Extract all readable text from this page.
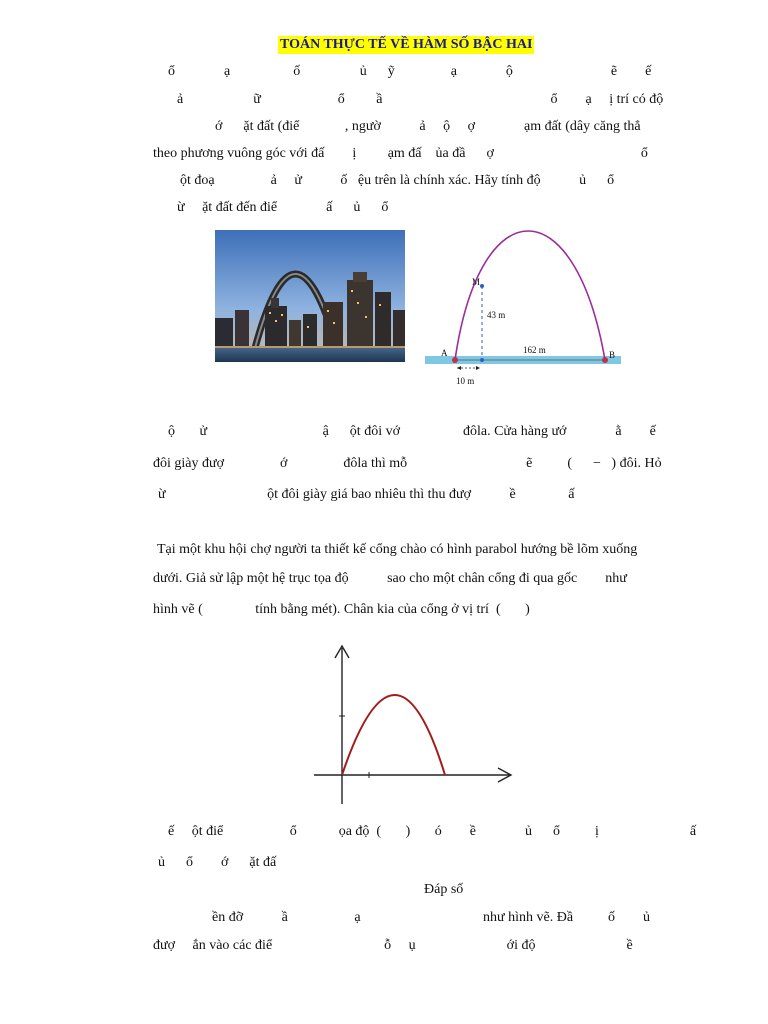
TOÁN THỰC TẾ VỀ HÀM SỐ BẬC HAI
ổ              ạ                  ố                 ủ      ỹ                ạ              ộ                            ẽ        ế
ả                    ữ                      ổ         ầ                                                ổ        ạ     ị trí có độ
ớ      ặt đất (điể             , ngườ           ả     ộ     ợ              ạm đất (dây căng thẳ
theo phương vuông góc với đấ        ị         ạm đấ    ủa đầ      ợ                                          ổ
ột đoạ                ả     ử           ố   ệu trên là chính xác. Hãy tính độ           ủ      ổ
ừ     ặt đất đến điể              ấ      ủ      ổ
M
A	B
43 m
162 m
10 m
ộ       ử                                 ậ      ột đôi vớ                  đôla. Cửa hàng ướ              ằ        ế
đôi giày đượ                ớ                đôla thì mỗ                                  ẽ          (      −   ) đôi. Hỏ
ừ                             ột đôi giày giá bao nhiêu thì thu đượ           ề               ấ
Tại một khu hội chợ người ta thiết kế cổng chào có hình parabol hướng bề lõm xuống
dưới. Giả sử lập một hệ trục tọa độ           sao cho một chân cổng đi qua gốc        như
hình vẽ (               tính bằng mét). Chân kia của cổng ở vị trí  (       )
ế     ột điể                   ổ            ọa độ  (       )       ó        ề              ủ      ổ          ị                          ấ
ủ      ổ        ớ      ặt đấ
Đáp số
ền đỡ           ầ                   ạ                                   như hình vẽ. Đầ          ố        ủ
đượ     ắn vào các điể                                ỗ     ụ                          ới độ                          ề
